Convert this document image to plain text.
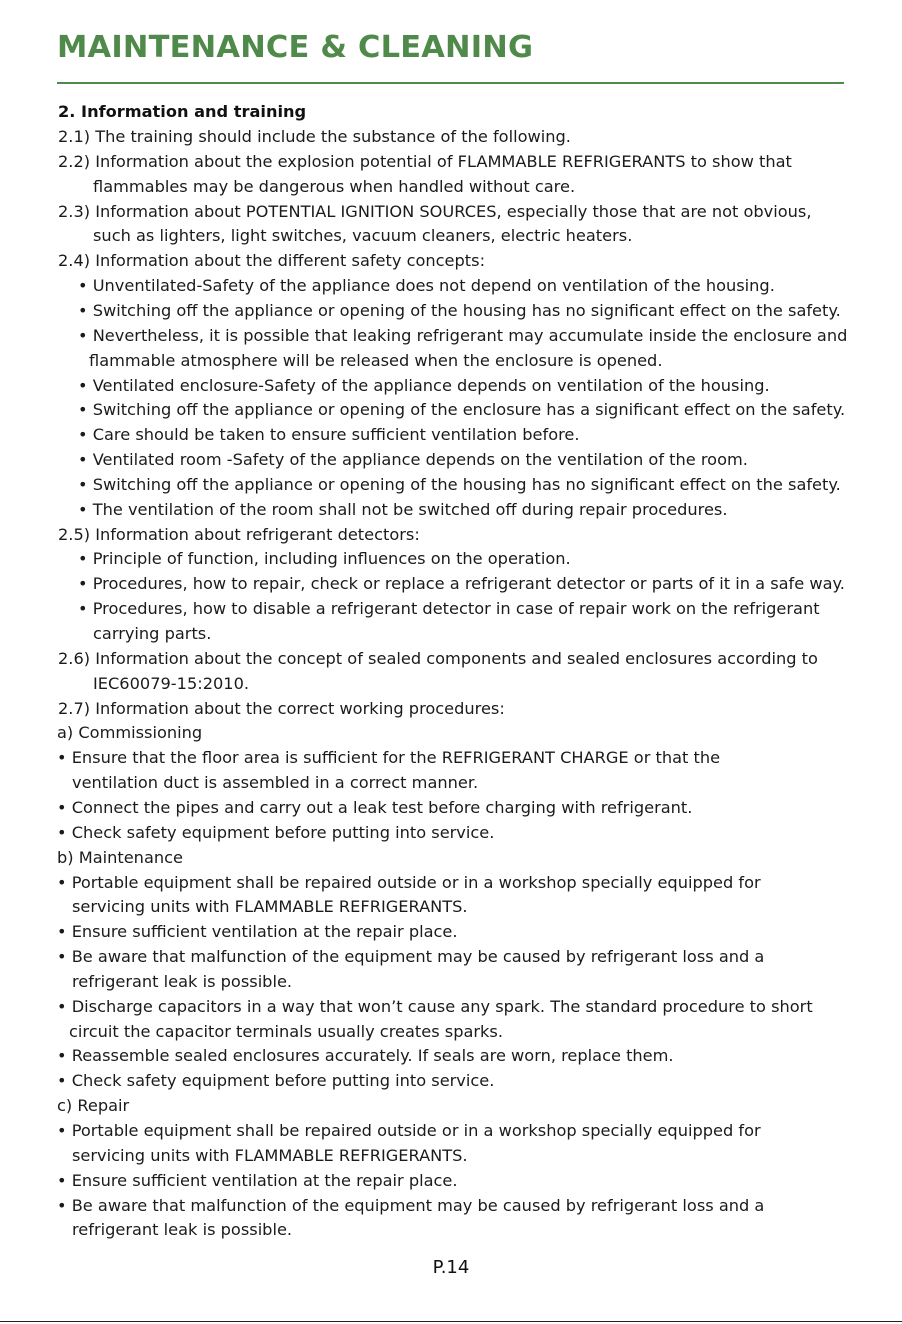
MAINTENANCE & CLEANING
2. Information and training
2.1) The training should include the substance of the following.
2.2) Information about the explosion potential of FLAMMABLE REFRIGERANTS to show that
flammables may be dangerous when handled without care.
2.3) Information about POTENTIAL IGNITION SOURCES, especially those that are not obvious,
such as lighters, light switches, vacuum cleaners, electric heaters.
2.4) Information about the different safety concepts:
• Unventilated-Safety of the appliance does not depend on ventilation of the housing.
• Switching off the appliance or opening of the housing has no significant effect on the safety.
• Nevertheless, it is possible that leaking refrigerant may accumulate inside the enclosure and
flammable atmosphere will be released when the enclosure is opened.
• Ventilated enclosure-Safety of the appliance depends on ventilation of the housing.
• Switching off the appliance or opening of the enclosure has a significant effect on the safety.
• Care should be taken to ensure sufficient ventilation before.
• Ventilated room -Safety of the appliance depends on the ventilation of the room.
• Switching off the appliance or opening of the housing has no significant effect on the safety.
• The ventilation of the room shall not be switched off during repair procedures.
2.5) Information about refrigerant detectors:
• Principle of function, including influences on the operation.
• Procedures, how to repair, check or replace a refrigerant detector or parts of it in a safe way.
• Procedures, how to disable a refrigerant detector in case of repair work on the refrigerant
carrying parts.
2.6) Information about the concept of sealed components and sealed enclosures according to
IEC60079-15:2010.
2.7) Information about the correct working procedures:
a) Commissioning
• Ensure that the floor area is sufficient for the REFRIGERANT CHARGE or that the
ventilation duct is assembled in a correct manner.
• Connect the pipes and carry out a leak test before charging with refrigerant.
• Check safety equipment before putting into service.
b) Maintenance
• Portable equipment shall be repaired outside or in a workshop specially equipped for
servicing units with FLAMMABLE REFRIGERANTS.
• Ensure sufficient ventilation at the repair place.
• Be aware that malfunction of the equipment may be caused by refrigerant loss and a
refrigerant leak is possible.
• Discharge capacitors in a way that won’t cause any spark. The standard procedure to short
circuit the capacitor terminals usually creates sparks.
• Reassemble sealed enclosures accurately. If seals are worn, replace them.
• Check safety equipment before putting into service.
c) Repair
• Portable equipment shall be repaired outside or in a workshop specially equipped for
servicing units with FLAMMABLE REFRIGERANTS.
• Ensure sufficient ventilation at the repair place.
• Be aware that malfunction of the equipment may be caused by refrigerant loss and a
refrigerant leak is possible.
P.14
